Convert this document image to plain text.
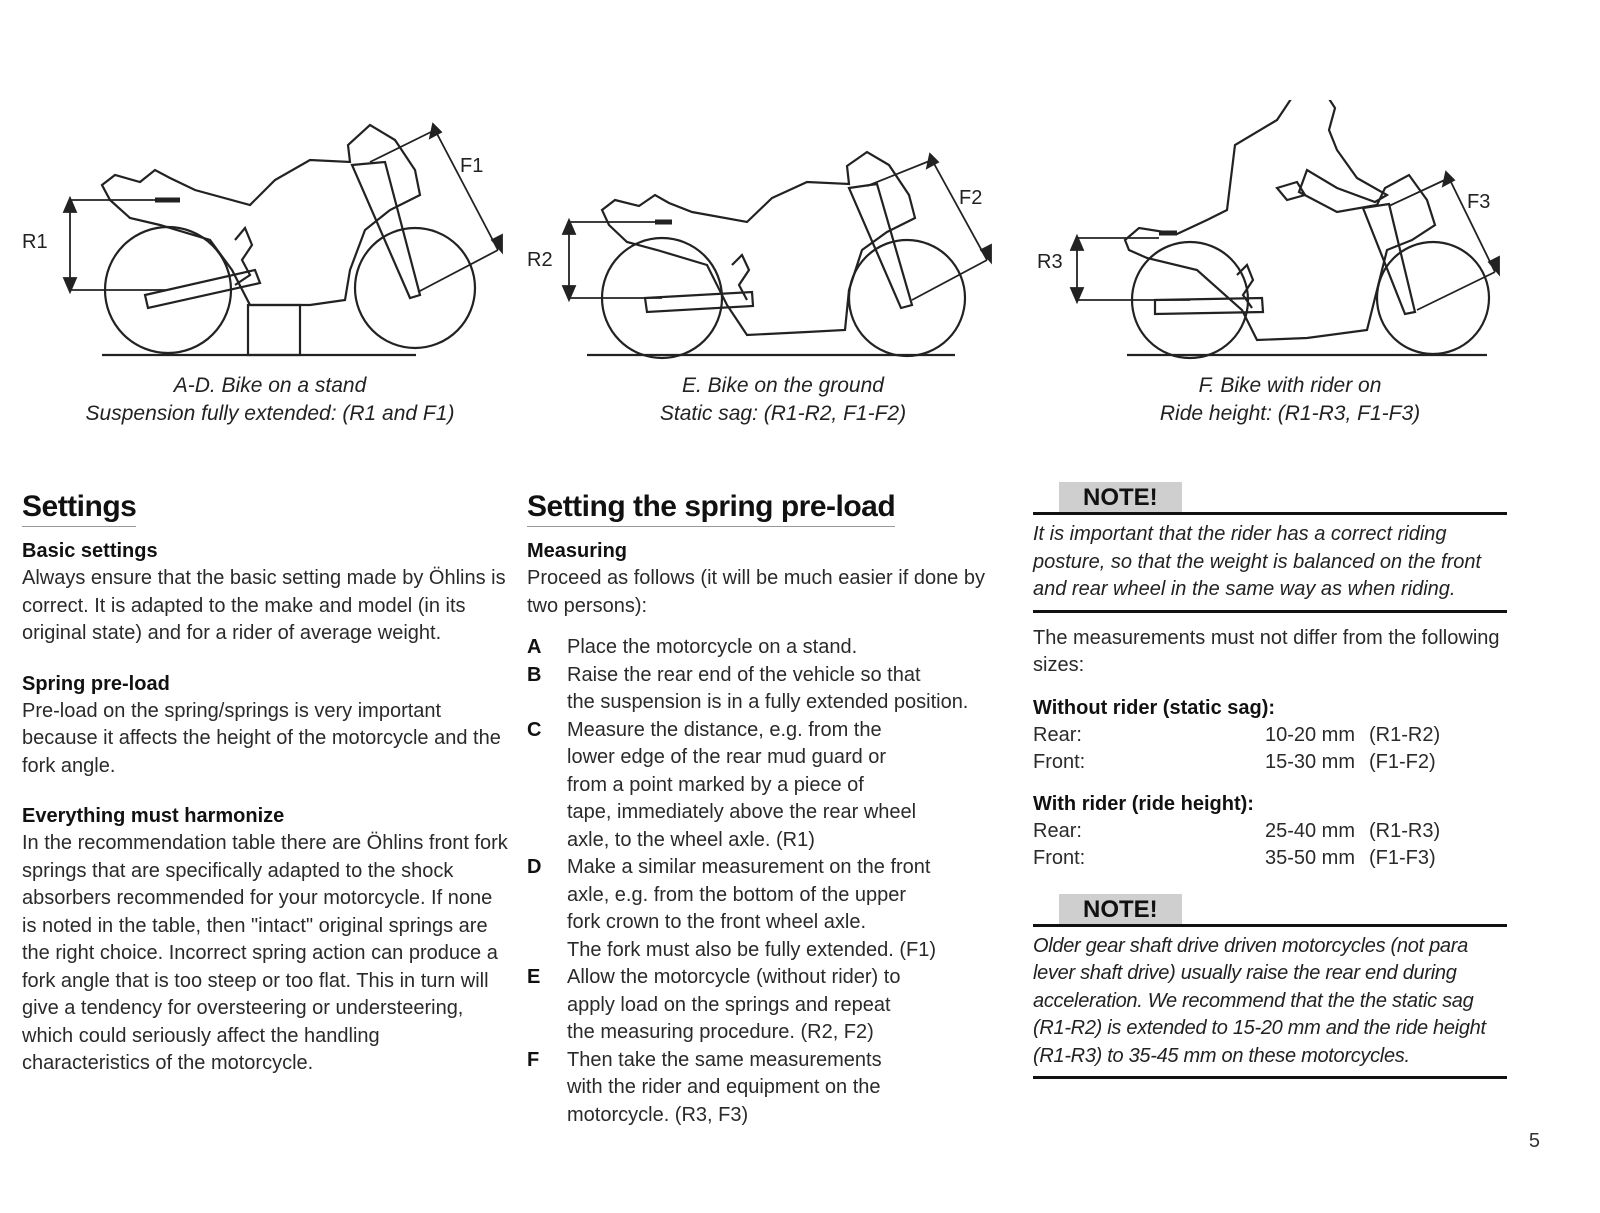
R1
F1
A-D. Bike on a stand
Suspension fully extended: (R1 and F1)
R2
F2
E. Bike on the ground
Static sag: (R1-R2, F1-F2)
R3
F3
F. Bike with rider on
Ride height: (R1-R3, F1-F3)
Settings
Basic settings

Always ensure that the basic setting made by Öhlins is correct. It is adapted to the make and model (in its original state) and for a rider of average weight.

Spring pre-load

Pre-load on the spring/springs is very important because it affects the height of the motorcycle and the fork angle.

Everything must harmonize

In the recommendation table there are Öhlins front fork springs that are specifically adapted to the shock absorbers recommended for your motorcycle. If none is noted in the table, then "intact" original springs are the right choice. Incorrect spring action can produce a fork angle that is too steep or too flat. This in turn will give a tendency for oversteering or understeering, which could seriously affect the handling characteristics of the motorcycle.

Setting the spring pre-load
Measuring

Proceed as follows (it will be much easier if done by two persons):

A	Place the motorcycle on a stand.
B	Raise the rear end of the vehicle so that
the suspension is in a fully extended position.
C	Measure the distance, e.g. from the
lower edge of the rear mud guard or
from a point marked by a piece of
tape, immediately above the rear wheel
axle, to the wheel axle. (R1)
D	Make a similar measurement on the front
axle, e.g. from the bottom of the upper
fork crown to the front wheel axle.
The fork must also be fully extended. (F1)
E	Allow the motorcycle (without rider) to
apply load on the springs and repeat
the measuring procedure. (R2, F2)
F	Then take the same measurements
with the rider and equipment on the
motorcycle. (R3, F3)
NOTE!
It is important that the rider has a correct riding posture, so that the weight is balanced on the front and rear wheel in the same way as when riding.

The measurements must not differ from the following sizes:

Without rider (static sag):
Rear:	10-20 mm (R1-R2)
Front:	15-30 mm (F1-F2)
With rider (ride height):
Rear:	25-40 mm (R1-R3)
Front:	35-50 mm (F1-F3)
NOTE!
Older gear shaft drive driven motorcycles (not para lever shaft drive) usually raise the rear end during acceleration. We recommend that the the static sag (R1-R2) is extended to 15-20 mm and the ride height (R1-R3) to 35-45 mm on these motorcycles.
5
